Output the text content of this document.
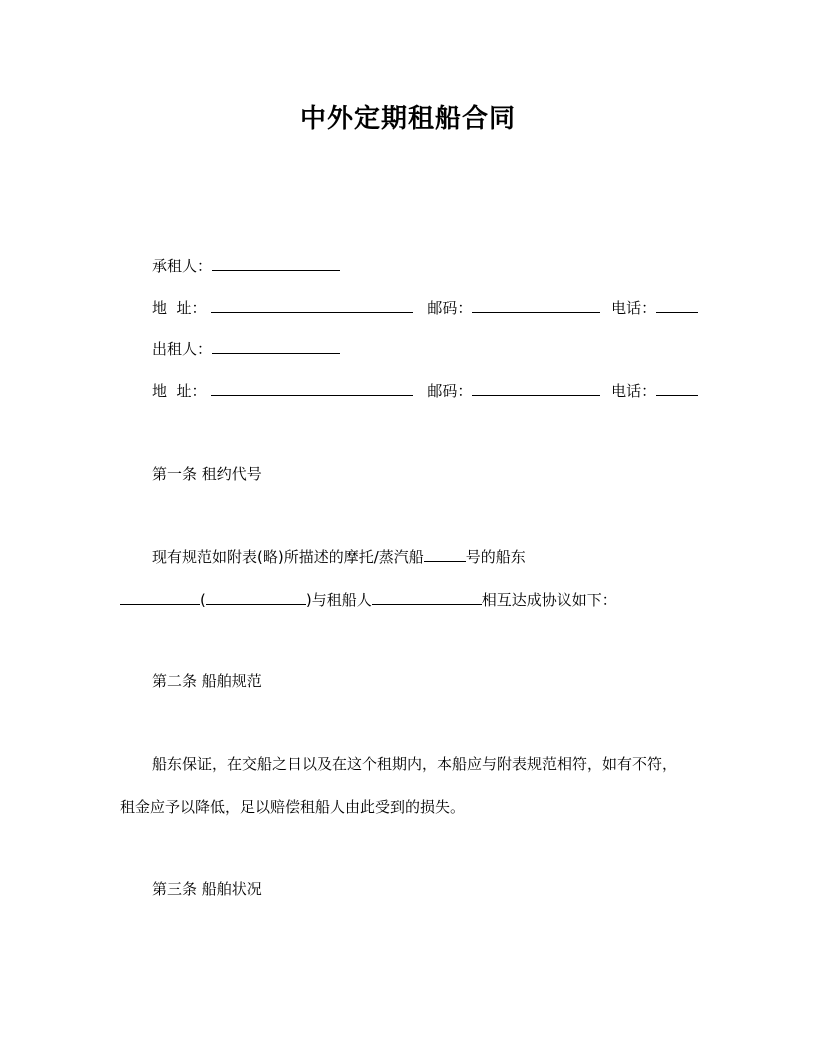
中外定期租船合同
承租人：
地  址：	邮码：	电话：
出租人：
地  址：	邮码：	电话：
第一条 租约代号
现有规范如附表(略)所描述的摩托/蒸汽船	号的船东
(	)与租船人	相互达成协议如下：
第二条 船舶规范
船东保证，在交船之日以及在这个租期内，本船应与附表规范相符，如有不符，
租金应予以降低，足以赔偿租船人由此受到的损失。
第三条 船舶状况
